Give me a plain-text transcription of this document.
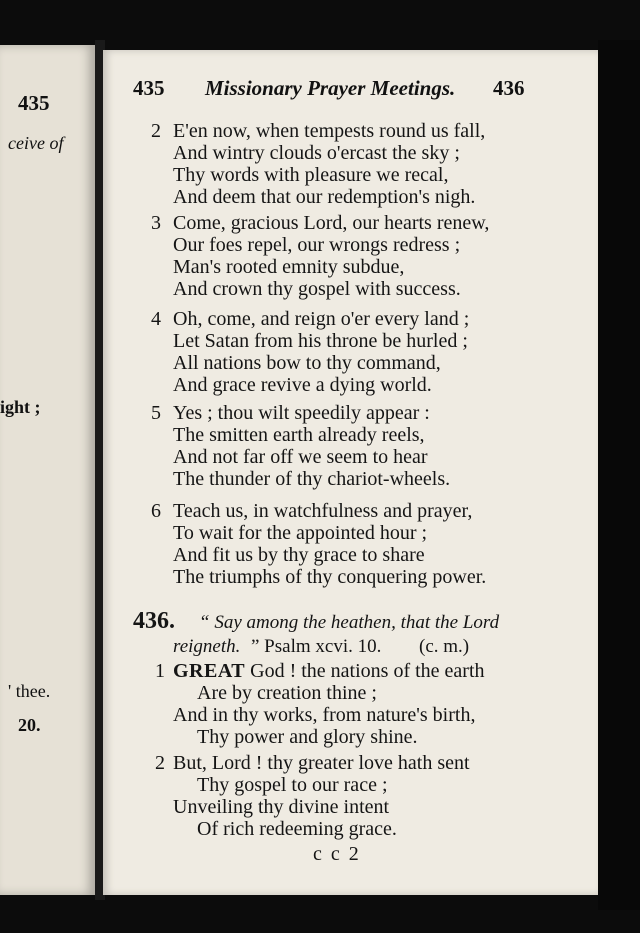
435
ceive of
ight ;
' thee.
20.
435 Missionary Prayer Meetings. 436
2 E'en now, when tempests round us fall,
And wintry clouds o'ercast the sky ;
Thy words with pleasure we recal,
And deem that our redemption's nigh.
3 Come, gracious Lord, our hearts renew,
Our foes repel, our wrongs redress ;
Man's rooted emnity subdue,
And crown thy gospel with success.
4 Oh, come, and reign o'er every land ;
Let Satan from his throne be hurled ;
All nations bow to thy command,
And grace revive a dying world.
5 Yes ; thou wilt speedily appear :
The smitten earth already reels,
And not far off we seem to hear
The thunder of thy chariot-wheels.
6 Teach us, in watchfulness and prayer,
To wait for the appointed hour ;
And fit us by thy grace to share
The triumphs of thy conquering power.
436. “ Say among the heathen, that the Lord
reigneth. ” Psalm xcvi. 10. (c. m.)
1 GREAT God ! the nations of the earth
Are by creation thine ;
And in thy works, from nature's birth,
Thy power and glory shine.
2 But, Lord ! thy greater love hath sent
Thy gospel to our race ;
Unveiling thy divine intent
Of rich redeeming grace.
c c 2
